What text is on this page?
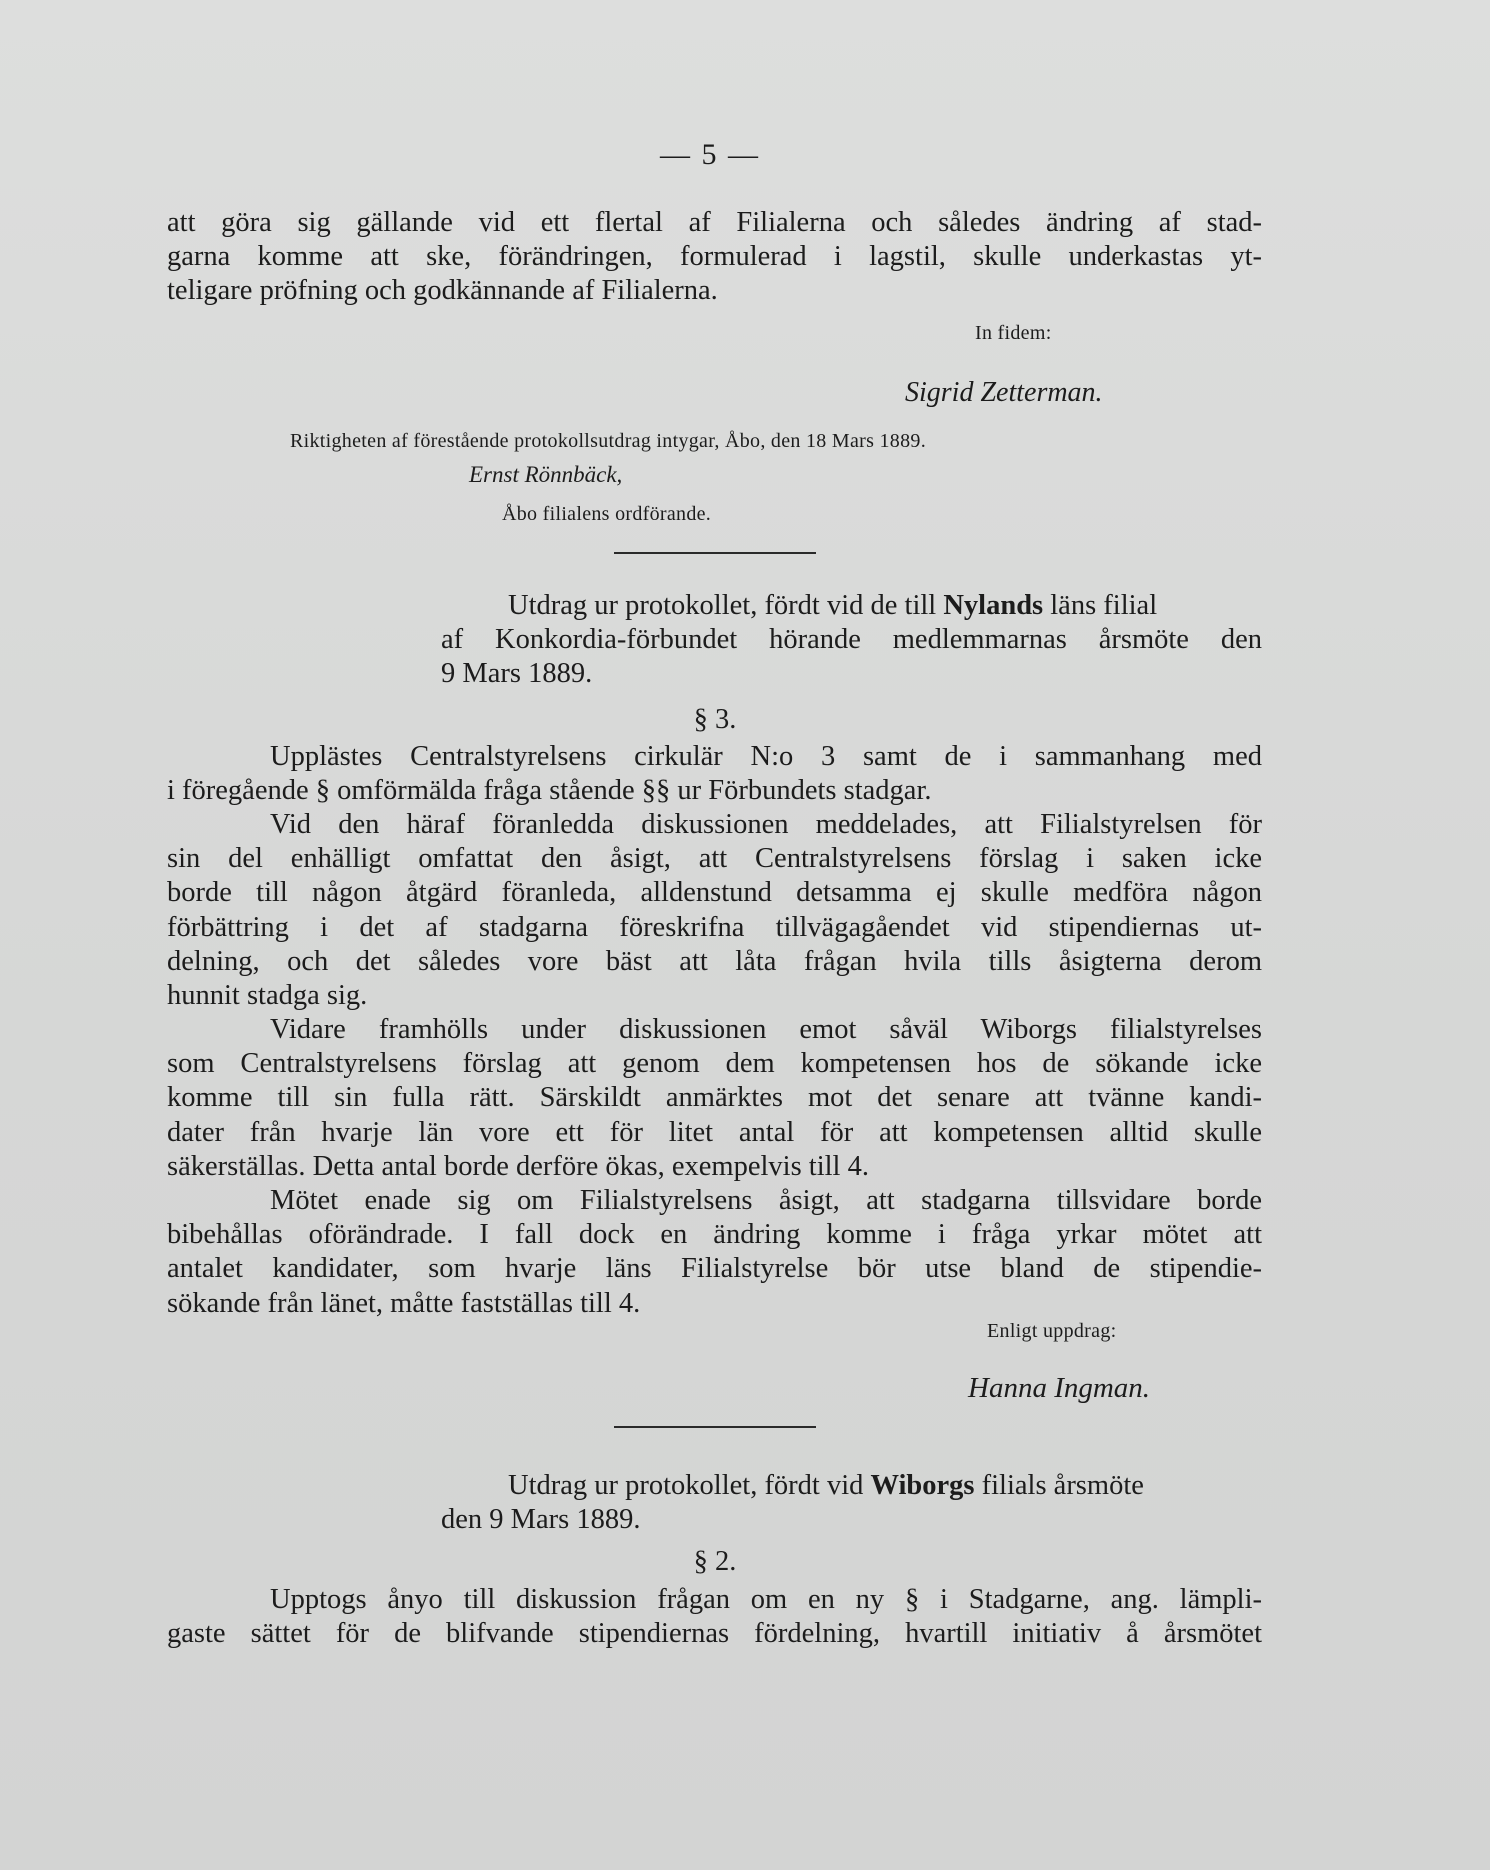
— 5 —
att göra sig gällande vid ett flertal af Filialerna och således ändring af stad-
garna komme att ske, förändringen, formulerad i lagstil, skulle underkastas yt-
teligare pröfning och godkännande af Filialerna.
In fidem:
Sigrid Zetterman.
Riktigheten af förestående protokollsutdrag intygar, Åbo, den 18 Mars 1889.
Ernst Rönnbäck,
Åbo filialens ordförande.
Utdrag ur protokollet, fördt vid de till Nylands läns filial
af Konkordia-förbundet hörande medlemmarnas årsmöte den
9 Mars 1889.
§ 3.
Upplästes Centralstyrelsens cirkulär N:o 3 samt de i sammanhang med
i föregående § omförmälda fråga stående §§ ur Förbundets stadgar.
Vid den häraf föranledda diskussionen meddelades, att Filialstyrelsen för
sin del enhälligt omfattat den åsigt, att Centralstyrelsens förslag i saken icke
borde till någon åtgärd föranleda, alldenstund detsamma ej skulle medföra någon
förbättring i det af stadgarna föreskrifna tillvägagåendet vid stipendiernas ut-
delning, och det således vore bäst att låta frågan hvila tills åsigterna derom
hunnit stadga sig.
Vidare framhölls under diskussionen emot såväl Wiborgs filialstyrelses
som Centralstyrelsens förslag att genom dem kompetensen hos de sökande icke
komme till sin fulla rätt. Särskildt anmärktes mot det senare att tvänne kandi-
dater från hvarje län vore ett för litet antal för att kompetensen alltid skulle
säkerställas. Detta antal borde derföre ökas, exempelvis till 4.
Mötet enade sig om Filialstyrelsens åsigt, att stadgarna tillsvidare borde
bibehållas oförändrade. I fall dock en ändring komme i fråga yrkar mötet att
antalet kandidater, som hvarje läns Filialstyrelse bör utse bland de stipendie-
sökande från länet, måtte fastställas till 4.
Enligt uppdrag:
Hanna Ingman.
Utdrag ur protokollet, fördt vid Wiborgs filials årsmöte
den 9 Mars 1889.
§ 2.
Upptogs ånyo till diskussion frågan om en ny § i Stadgarne, ang. lämpli-
gaste sättet för de blifvande stipendiernas fördelning, hvartill initiativ å årsmötet
